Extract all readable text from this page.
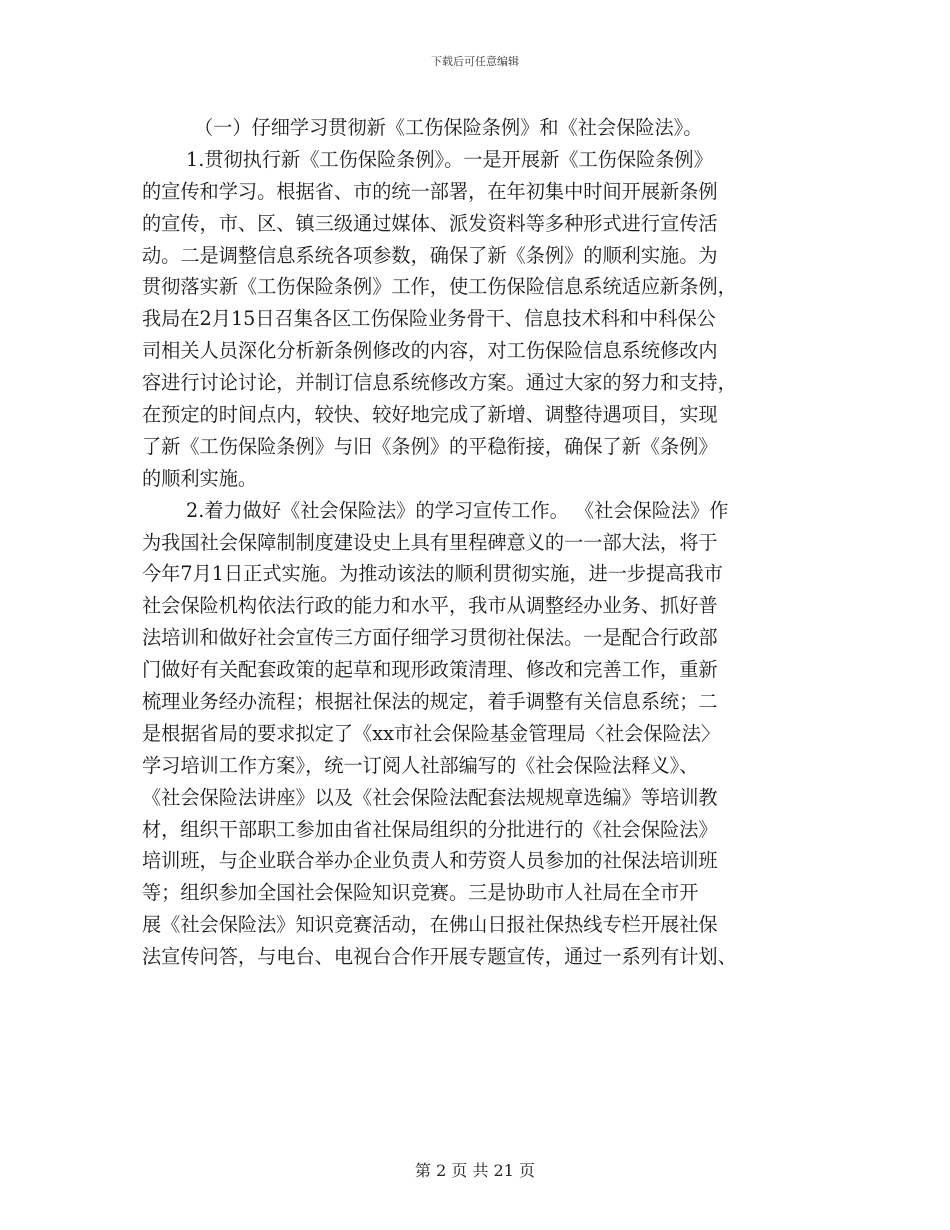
下载后可任意编辑
（一）仔细学习贯彻新《工伤保险条例》和《社会保险法》。
1.贯彻执行新《工伤保险条例》。一是开展新《工伤保险条例》
的宣传和学习。根据省、市的统一部署，在年初集中时间开展新条例
的宣传，市、区、镇三级通过媒体、派发资料等多种形式进行宣传活
动。二是调整信息系统各项参数，确保了新《条例》的顺利实施。为
贯彻落实新《工伤保险条例》工作，使工伤保险信息系统适应新条例，
我局在2月15日召集各区工伤保险业务骨干、信息技术科和中科保公
司相关人员深化分析新条例修改的内容，对工伤保险信息系统修改内
容进行讨论讨论，并制订信息系统修改方案。通过大家的努力和支持，
在预定的时间点内，较快、较好地完成了新增、调整待遇项目，实现
了新《工伤保险条例》与旧《条例》的平稳衔接，确保了新《条例》
的顺利实施。
2.着力做好《社会保险法》的学习宣传工作。 《社会保险法》作
为我国社会保障制制度建设史上具有里程碑意义的一一部大法，将于
今年7月1日正式实施。为推动该法的顺利贯彻实施，进一步提高我市
社会保险机构依法行政的能力和水平，我市从调整经办业务、抓好普
法培训和做好社会宣传三方面仔细学习贯彻社保法。一是配合行政部
门做好有关配套政策的起草和现形政策清理、修改和完善工作，重新
梳理业务经办流程；根据社保法的规定，着手调整有关信息系统；二
是根据省局的要求拟定了《xx市社会保险基金管理局〈社会保险法〉
学习培训工作方案》，统一订阅人社部编写的《社会保险法释义》、
《社会保险法讲座》以及《社会保险法配套法规规章选编》等培训教
材，组织干部职工参加由省社保局组织的分批进行的《社会保险法》
培训班，与企业联合举办企业负责人和劳资人员参加的社保法培训班
等；组织参加全国社会保险知识竞赛。三是协助市人社局在全市开
展《社会保险法》知识竞赛活动，在佛山日报社保热线专栏开展社保
法宣传问答，与电台、电视台合作开展专题宣传，通过一系列有计划、
第 2 页 共 21 页
